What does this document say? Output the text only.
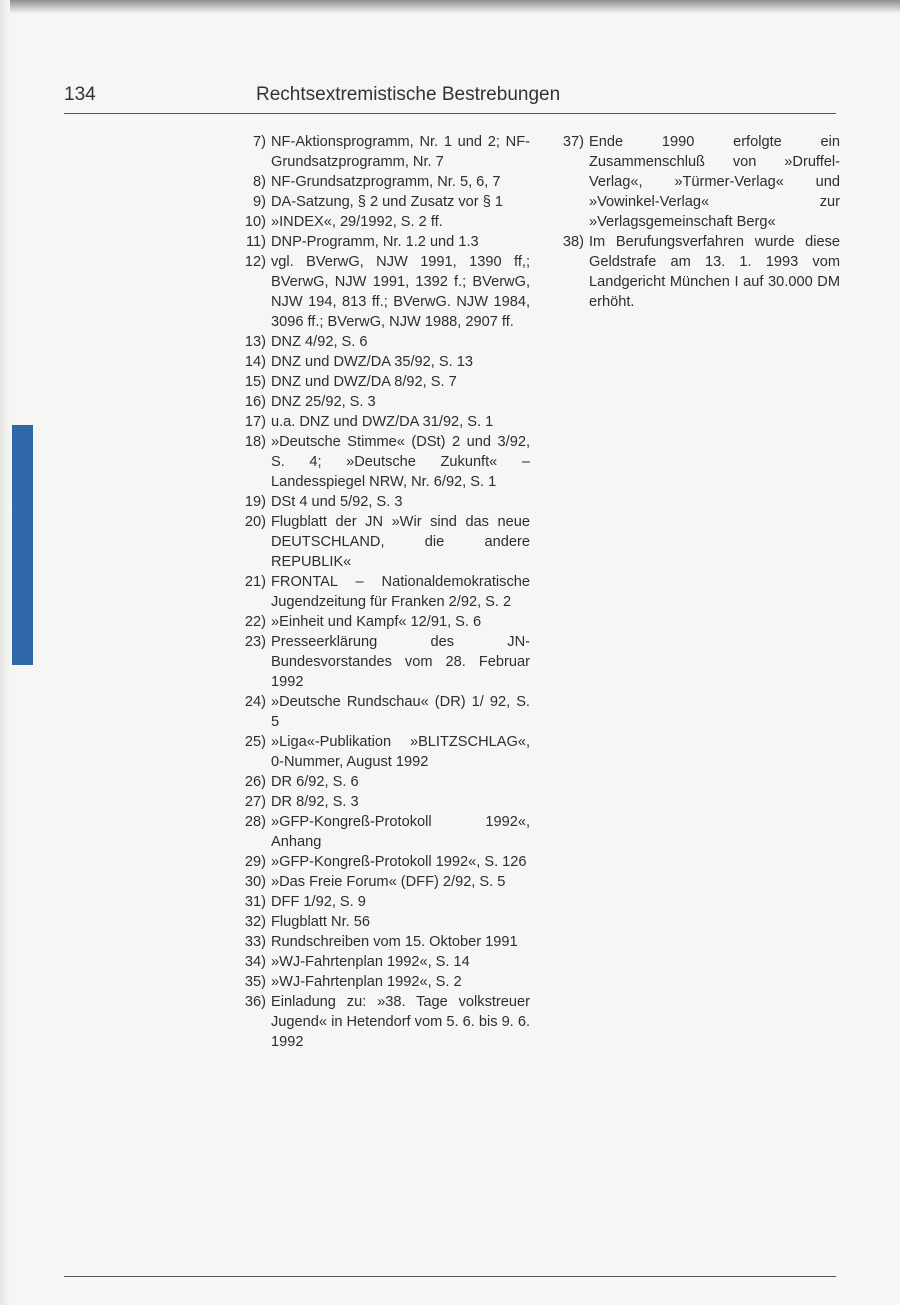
134	Rechtsextremistische Bestrebungen
7) NF-Aktionsprogramm, Nr. 1 und 2; NF-Grundsatzprogramm, Nr. 7
8) NF-Grundsatzprogramm, Nr. 5, 6, 7
9) DA-Satzung, § 2 und Zusatz vor § 1
10) »INDEX«, 29/1992, S. 2 ff.
11) DNP-Programm, Nr. 1.2 und 1.3
12) vgl. BVerwG, NJW 1991, 1390 ff,; BVerwG, NJW 1991, 1392 f.; BVerwG, NJW 194, 813 ff.; BVerwG. NJW 1984, 3096 ff.; BVerwG, NJW 1988, 2907 ff.
13) DNZ 4/92, S. 6
14) DNZ und DWZ/DA 35/92, S. 13
15) DNZ und DWZ/DA 8/92, S. 7
16) DNZ 25/92, S. 3
17) u.a. DNZ und DWZ/DA 31/92, S. 1
18) »Deutsche Stimme« (DSt) 2 und 3/92, S. 4; »Deutsche Zukunft« – Landesspiegel NRW, Nr. 6/92, S. 1
19) DSt 4 und 5/92, S. 3
20) Flugblatt der JN »Wir sind das neue DEUTSCHLAND, die andere REPUBLIK«
21) FRONTAL – Nationaldemokratische Jugendzeitung für Franken 2/92, S. 2
22) »Einheit und Kampf« 12/91, S. 6
23) Presseerklärung des JN-Bundesvorstandes vom 28. Februar 1992
24) »Deutsche Rundschau« (DR) 1/ 92, S. 5
25) »Liga«-Publikation »BLITZSCHLAG«, 0-Nummer, August 1992
26) DR 6/92, S. 6
27) DR 8/92, S. 3
28) »GFP-Kongreß-Protokoll 1992«, Anhang
29) »GFP-Kongreß-Protokoll 1992«, S. 126
30) »Das Freie Forum« (DFF) 2/92, S. 5
31) DFF 1/92, S. 9
32) Flugblatt Nr. 56
33) Rundschreiben vom 15. Oktober 1991
34) »WJ-Fahrtenplan 1992«, S. 14
35) »WJ-Fahrtenplan 1992«, S. 2
36) Einladung zu: »38. Tage volkstreuer Jugend« in Hetendorf vom 5. 6. bis 9. 6. 1992
37) Ende 1990 erfolgte ein Zusammenschluß von »Druffel-Verlag«, »Türmer-Verlag« und »Vowinkel-Verlag« zur »Verlagsgemeinschaft Berg«
38) Im Berufungsverfahren wurde diese Geldstrafe am 13. 1. 1993 vom Landgericht München I auf 30.000 DM erhöht.
